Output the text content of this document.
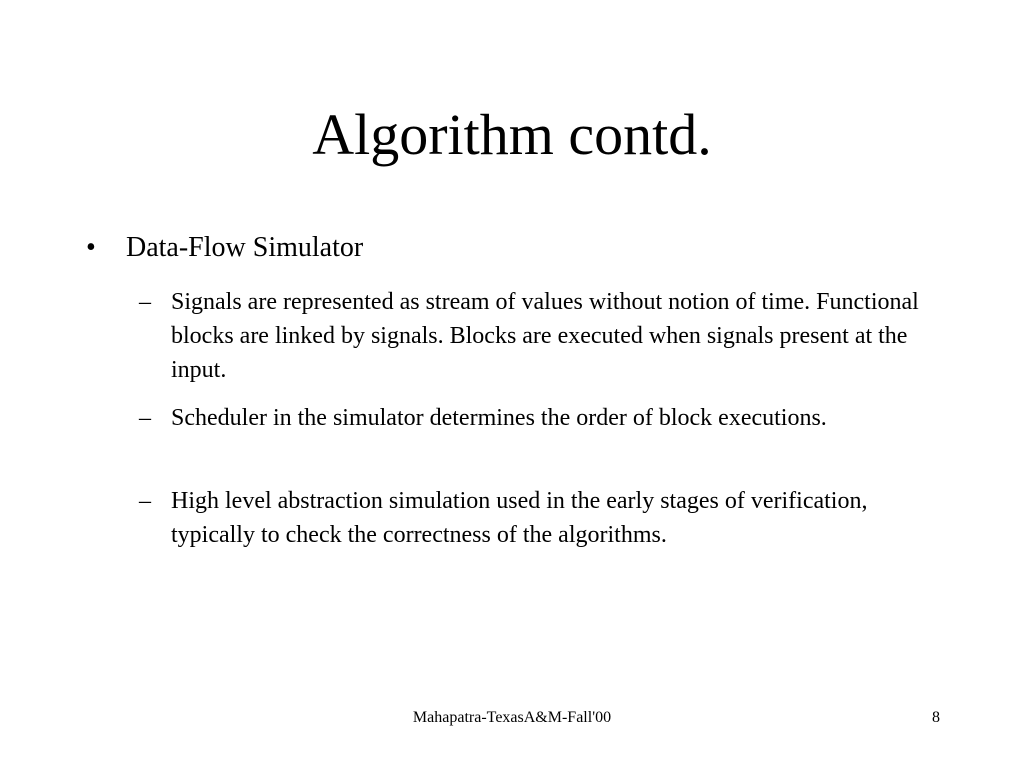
Algorithm contd.
• Data-Flow Simulator
– Signals are represented as stream of values without notion of time. Functional blocks are linked by signals. Blocks are executed when signals present at the input.
– Scheduler in the simulator determines the order of block executions.
– High level abstraction simulation used in the early stages of verification, typically to check the correctness of the algorithms.
Mahapatra-TexasA&M-Fall'00	8
